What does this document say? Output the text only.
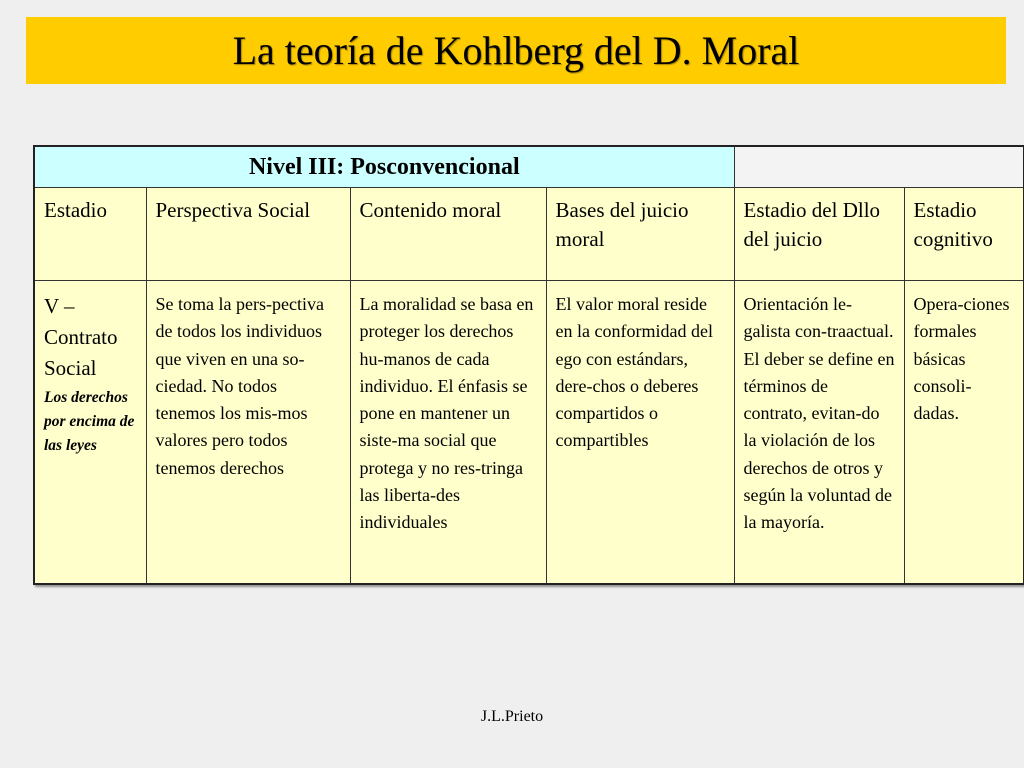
La teoría de Kohlberg del D. Moral
Nivel III: Posconvencional					
Estadio	Perspectiva Social	Contenido moral	Bases del juicio moral	Estadio del Dllo del juicio	Estadio cognitivo

V – Contrato Social
Los derechos por encima de las leyes	Se toma la pers-pectiva de todos los individuos que viven en una so-ciedad. No todos tenemos los mis-mos valores pero todos tenemos derechos	La moralidad se basa en proteger los derechos hu-manos de cada individuo. El énfasis se pone en mantener un siste-ma social que protega y no res-tringa las liberta-des individuales	El valor moral reside en la conformidad del ego con estándars, dere-chos o deberes compartidos o compartibles	Orientación le-galista con-traactual. El deber se define en términos de contrato, evitan-do la violación de los derechos de otros y según la voluntad de la mayoría.	Opera-ciones formales básicas consoli-dadas.
J.L.Prieto
